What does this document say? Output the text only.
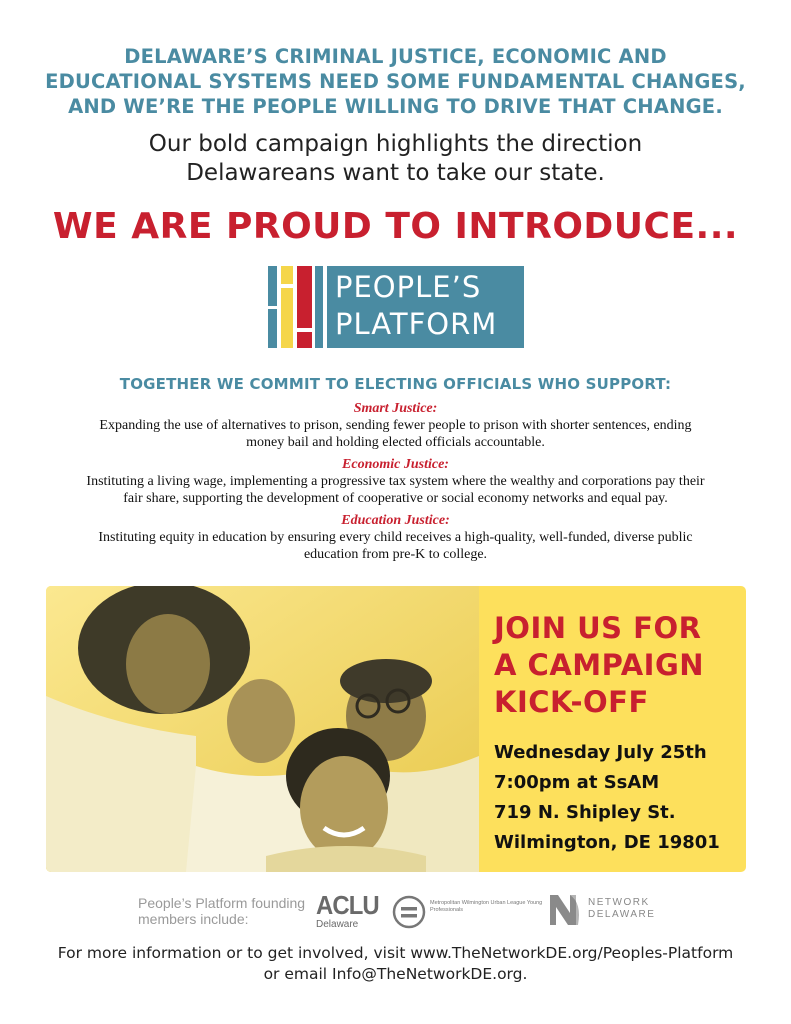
DELAWARE’S CRIMINAL JUSTICE, ECONOMIC AND
EDUCATIONAL SYSTEMS NEED SOME FUNDAMENTAL CHANGES,
AND WE’RE THE PEOPLE WILLING TO DRIVE THAT CHANGE.
Our bold campaign highlights the direction
Delawareans want to take our state.
WE ARE PROUD TO INTRODUCE...
PEOPLE’S
PLATFORM
TOGETHER WE COMMIT TO ELECTING OFFICIALS WHO SUPPORT:
Smart Justice:
Expanding the use of alternatives to prison, sending fewer people to prison with shorter sentences, ending
money bail and holding elected officials accountable.
Economic Justice:
Instituting a living wage, implementing a progressive tax system where the wealthy and corporations pay their
fair share, supporting the development of cooperative or social economy networks and equal pay.
Education Justice:
Instituting equity in education by ensuring every child receives a high-quality, well-funded, diverse public
education from pre-K to college.
JOIN US FOR
A CAMPAIGN
KICK-OFF
Wednesday July 25th
7:00pm at SsAM
719 N. Shipley St.
Wilmington, DE 19801
People’s Platform founding
members include:	ACLU
Delaware
Metropolitan Wilmington Urban League Young Professionals
NETWORK
DELAWARE
For more information or to get involved, visit www.TheNetworkDE.org/Peoples-Platform
or email Info@TheNetworkDE.org.
